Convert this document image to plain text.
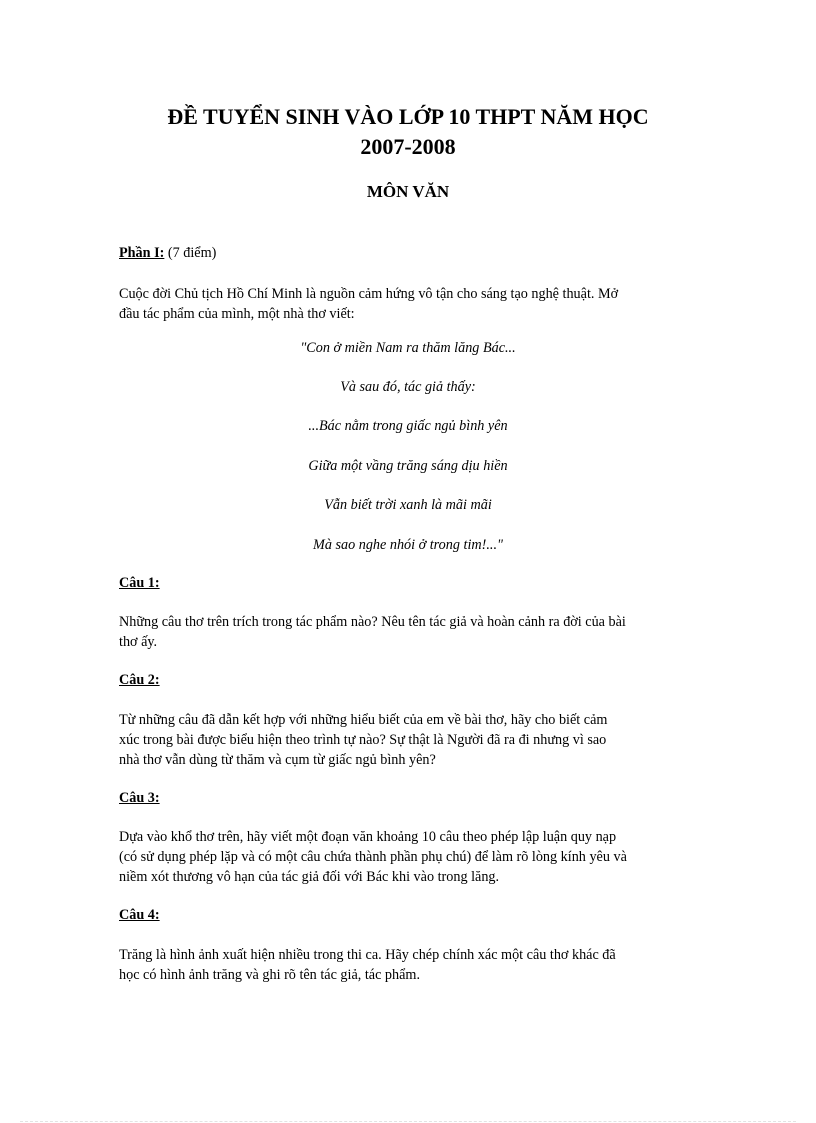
ĐỀ TUYỂN SINH VÀO LỚP 10 THPT NĂM HỌC
2007-2008
MÔN VĂN
Phần I: (7 điểm)
Cuộc đời Chủ tịch Hồ Chí Minh là nguồn cảm hứng vô tận cho sáng tạo nghệ thuật. Mở
đầu tác phẩm của mình, một nhà thơ viết:
"Con ở miền Nam ra thăm lăng Bác...
Và sau đó, tác giả thấy:
...Bác nằm trong giấc ngủ bình yên
Giữa một vầng trăng sáng dịu hiền
Vẫn biết trời xanh là mãi mãi
Mà sao nghe nhói ở trong tim!..."
Câu 1:
Những câu thơ trên trích trong tác phẩm nào? Nêu tên tác giả và hoàn cảnh ra đời của bài
thơ ấy.
Câu 2:
Từ những câu đã dẫn kết hợp với những hiểu biết của em về bài thơ, hãy cho biết cảm
xúc trong bài được biểu hiện theo trình tự nào? Sự thật là Người đã ra đi nhưng vì sao
nhà thơ vẫn dùng từ thăm và cụm từ giấc ngủ bình yên?
Câu 3:
Dựa vào khổ thơ trên, hãy viết một đoạn văn khoảng 10 câu theo phép lập luận quy nạp
(có sử dụng phép lặp và có một câu chứa thành phần phụ chú) để làm rõ lòng kính yêu và
niềm xót thương vô hạn của tác giả đối với Bác khi vào trong lăng.
Câu 4:
Trăng là hình ảnh xuất hiện nhiều trong thi ca. Hãy chép chính xác một câu thơ khác đã
học có hình ảnh trăng và ghi rõ tên tác giả, tác phẩm.
